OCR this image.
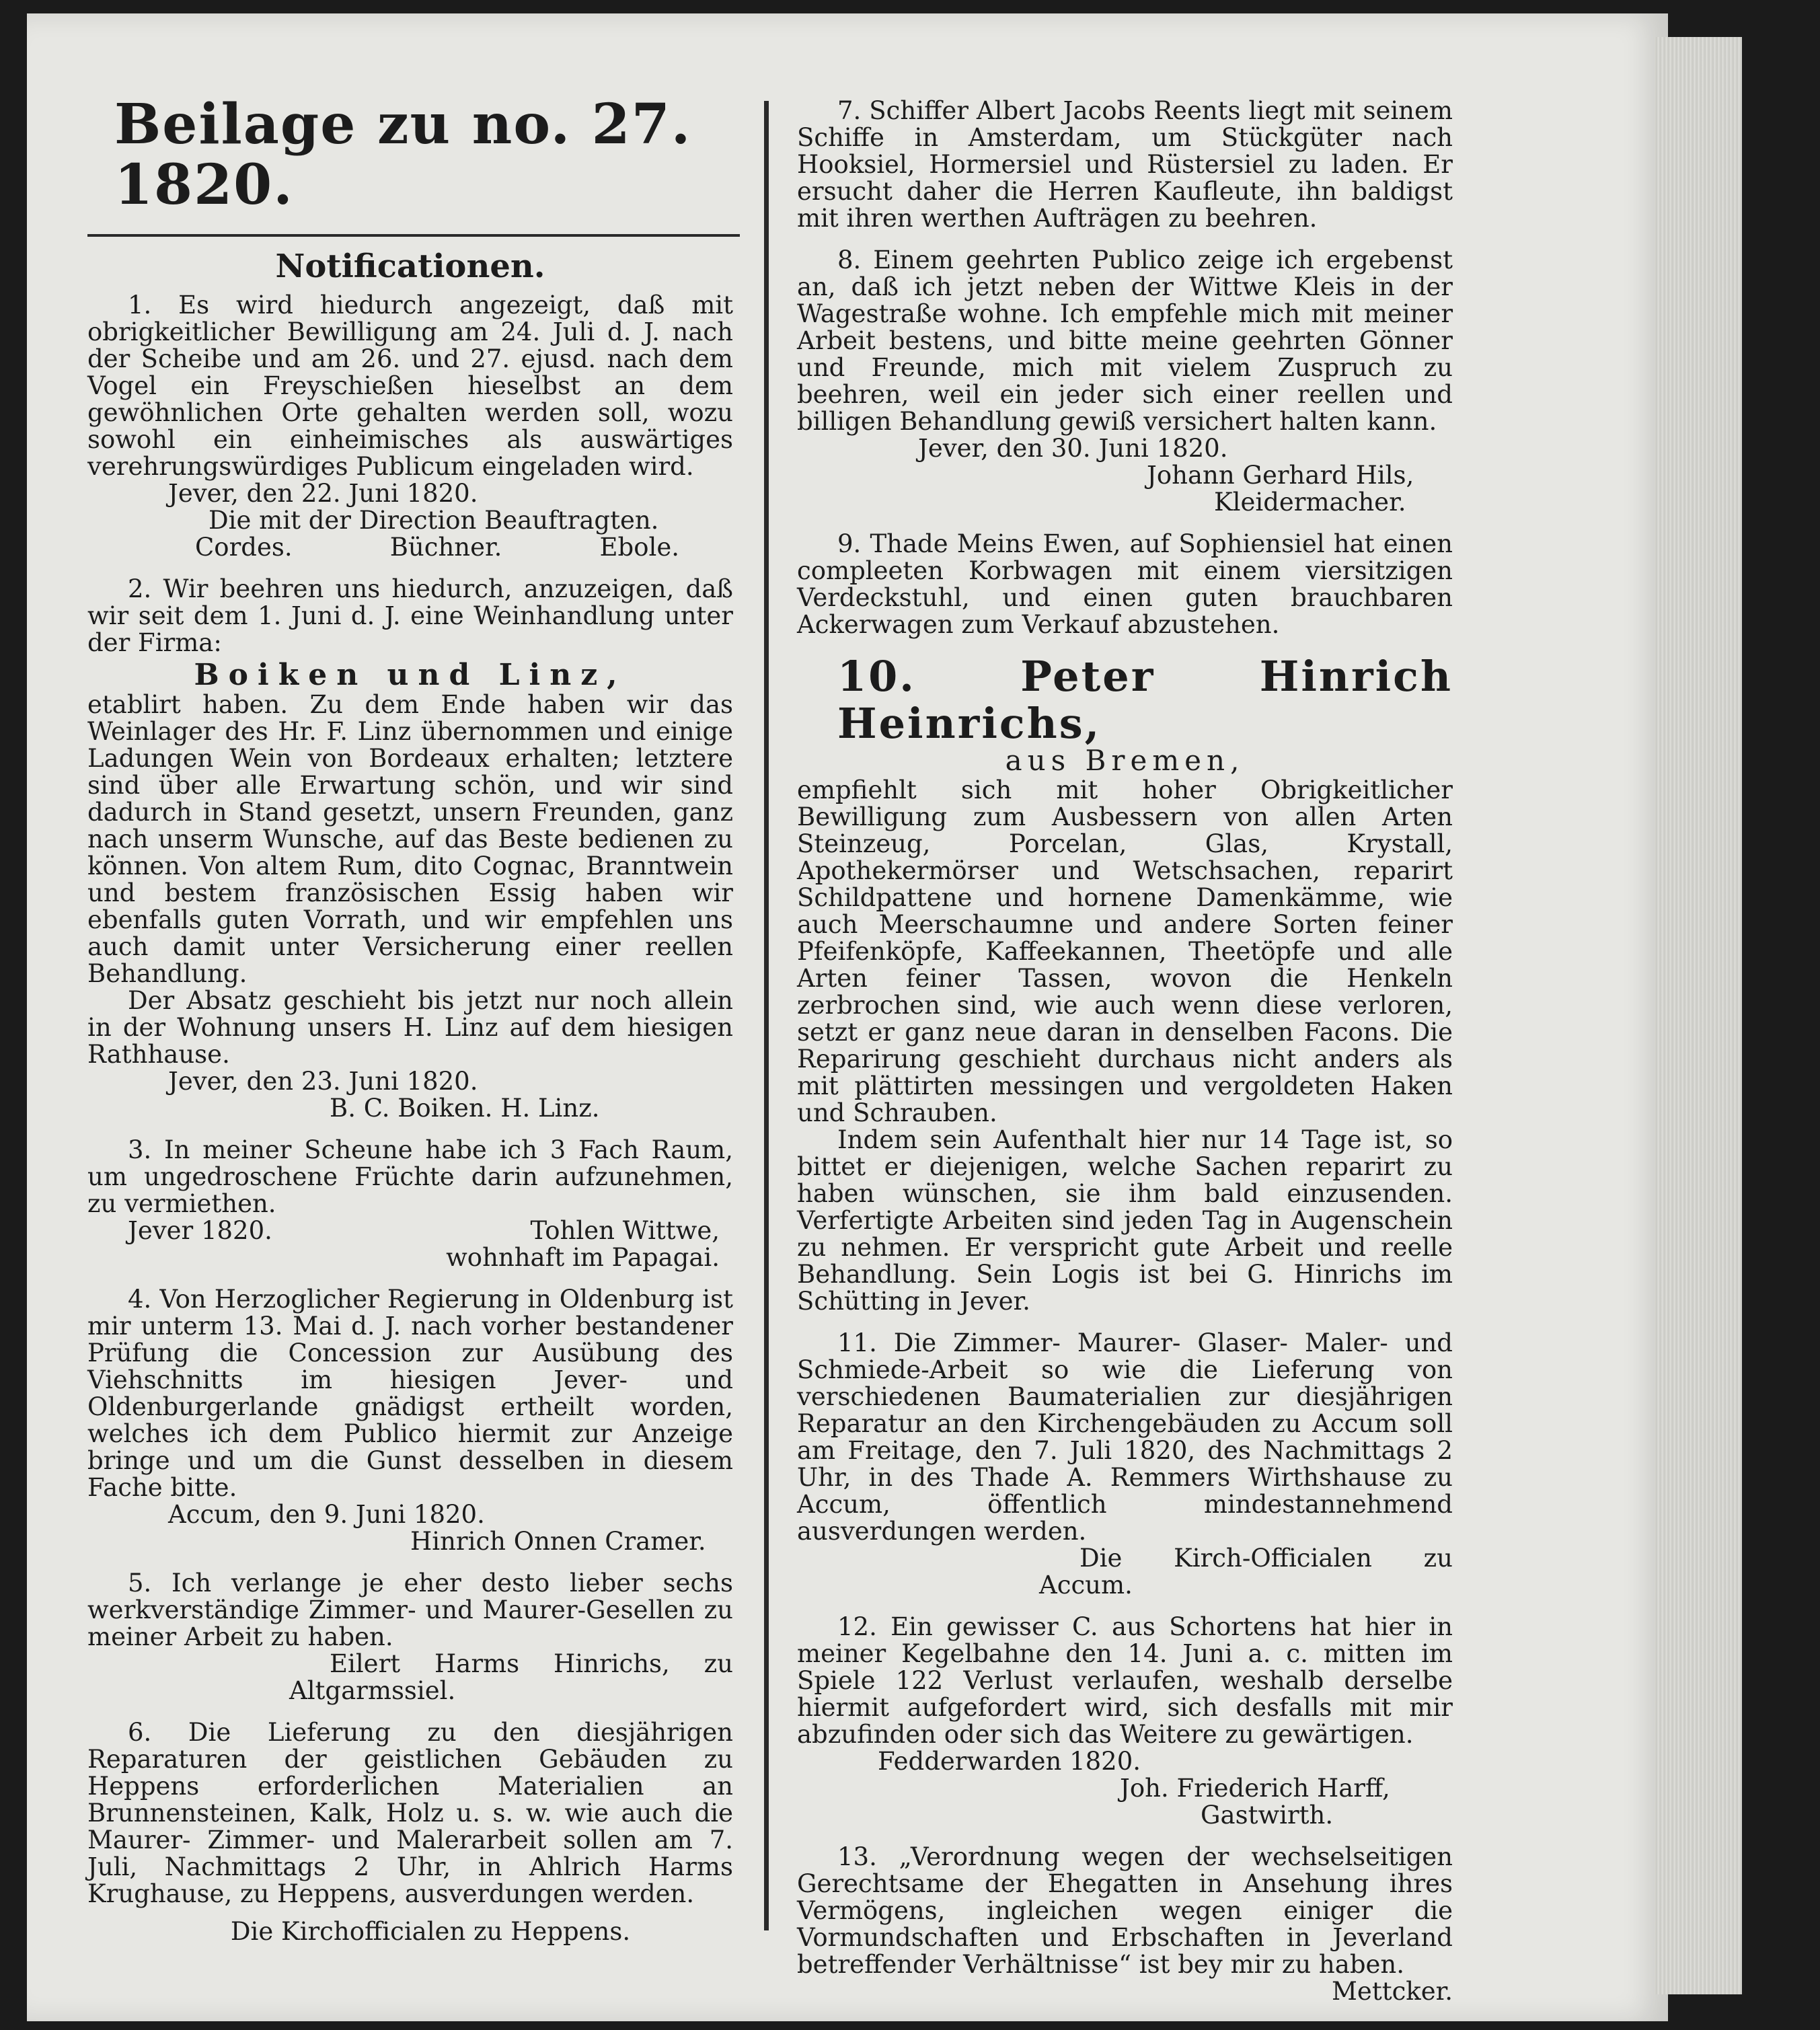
Beilage zu no. 27. 1820.
Notificationen.

1. Es wird hiedurch angezeigt, daß mit obrigkeitlicher Bewilligung am 24. Juli d. J. nach der Scheibe und am 26. und 27. ejusd. nach dem Vogel ein Freyschießen hieselbst an dem gewöhnlichen Orte gehalten werden soll, wozu sowohl ein einheimisches als auswärtiges verehrungswürdiges Publicum eingeladen wird.

Jever, den 22. Juni 1820.

Die mit der Direction Beauftragten.

Cordes.	Büchner.	Ebole.

2. Wir beehren uns hiedurch, anzuzeigen, daß wir seit dem 1. Juni d. J. eine Weinhandlung unter der Firma:

Boiken und Linz,

etablirt haben. Zu dem Ende haben wir das Weinlager des Hr. F. Linz übernommen und einige Ladungen Wein von Bordeaux erhalten; letztere sind über alle Erwartung schön, und wir sind dadurch in Stand gesetzt, unsern Freunden, ganz nach unserm Wunsche, auf das Beste bedienen zu können. Von altem Rum, dito Cognac, Branntwein und bestem französischen Essig haben wir ebenfalls guten Vorrath, und wir empfehlen uns auch damit unter Versicherung einer reellen Behandlung.

Der Absatz geschieht bis jetzt nur noch allein in der Wohnung unsers H. Linz auf dem hiesigen Rathhause.

Jever, den 23. Juni 1820.

B. C. Boiken. H. Linz.

3. In meiner Scheune habe ich 3 Fach Raum, um ungedroschene Früchte darin aufzunehmen, zu vermiethen.

Jever 1820.	Tohlen Wittwe,

wohnhaft im Papagai.

4. Von Herzoglicher Regierung in Oldenburg ist mir unterm 13. Mai d. J. nach vorher bestandener Prüfung die Concession zur Ausübung des Viehschnitts im hiesigen Jever- und Oldenburgerlande gnädigst ertheilt worden, welches ich dem Publico hiermit zur Anzeige bringe und um die Gunst desselben in diesem Fache bitte.

Accum, den 9. Juni 1820.

Hinrich Onnen Cramer.

5. Ich verlange je eher desto lieber sechs werkverständige Zimmer- und Maurer-Gesellen zu meiner Arbeit zu haben.

Eilert Harms Hinrichs, zu Altgarmssiel.

6. Die Lieferung zu den diesjährigen Reparaturen der geistlichen Gebäuden zu Heppens erforderlichen Materialien an Brunnensteinen, Kalk, Holz u. s. w. wie auch die Maurer- Zimmer- und Malerarbeit sollen am 7. Juli, Nachmittags 2 Uhr, in Ahlrich Harms Krughause, zu Heppens, ausverdungen werden.

Die Kirchofficialen zu Heppens.

7. Schiffer Albert Jacobs Reents liegt mit seinem Schiffe in Amsterdam, um Stückgüter nach Hooksiel, Hormersiel und Rüstersiel zu laden. Er ersucht daher die Herren Kaufleute, ihn baldigst mit ihren werthen Aufträgen zu beehren.

8. Einem geehrten Publico zeige ich ergebenst an, daß ich jetzt neben der Wittwe Kleis in der Wagestraße wohne. Ich empfehle mich mit meiner Arbeit bestens, und bitte meine geehrten Gönner und Freunde, mich mit vielem Zuspruch zu beehren, weil ein jeder sich einer reellen und billigen Behandlung gewiß versichert halten kann.

Jever, den 30. Juni 1820.

Johann Gerhard Hils,

Kleidermacher.

9. Thade Meins Ewen, auf Sophiensiel hat einen compleeten Korbwagen mit einem viersitzigen Verdeckstuhl, und einen guten brauchbaren Ackerwagen zum Verkauf abzustehen.

10. Peter Hinrich Heinrichs,
aus Bremen,

empfiehlt sich mit hoher Obrigkeitlicher Bewilligung zum Ausbessern von allen Arten Steinzeug, Porcelan, Glas, Krystall, Apothekermörser und Wetschsachen, reparirt Schildpattene und hornene Damenkämme, wie auch Meerschaumne und andere Sorten feiner Pfeifenköpfe, Kaffeekannen, Theetöpfe und alle Arten feiner Tassen, wovon die Henkeln zerbrochen sind, wie auch wenn diese verloren, setzt er ganz neue daran in denselben Facons. Die Reparirung geschieht durchaus nicht anders als mit plättirten messingen und vergoldeten Haken und Schrauben.

Indem sein Aufenthalt hier nur 14 Tage ist, so bittet er diejenigen, welche Sachen reparirt zu haben wünschen, sie ihm bald einzusenden. Verfertigte Arbeiten sind jeden Tag in Augenschein zu nehmen. Er verspricht gute Arbeit und reelle Behandlung. Sein Logis ist bei G. Hinrichs im Schütting in Jever.

11. Die Zimmer- Maurer- Glaser- Maler- und Schmiede-Arbeit so wie die Lieferung von verschiedenen Baumaterialien zur diesjährigen Reparatur an den Kirchengebäuden zu Accum soll am Freitage, den 7. Juli 1820, des Nachmittags 2 Uhr, in des Thade A. Remmers Wirthshause zu Accum, öffentlich mindestannehmend ausverdungen werden.

Die Kirch-Officialen zu Accum.

12. Ein gewisser C. aus Schortens hat hier in meiner Kegelbahne den 14. Juni a. c. mitten im Spiele 122 Verlust verlaufen, weshalb derselbe hiermit aufgefordert wird, sich desfalls mit mir abzufinden oder sich das Weitere zu gewärtigen.

Fedderwarden 1820.

Joh. Friederich Harff,

Gastwirth.

13. „Verordnung wegen der wechselseitigen Gerechtsame der Ehegatten in Ansehung ihres Vermögens, ingleichen wegen einiger die Vormundschaften und Erbschaften in Jeverland betreffender Verhältnisse“ ist bey mir zu haben.

Mettcker.
